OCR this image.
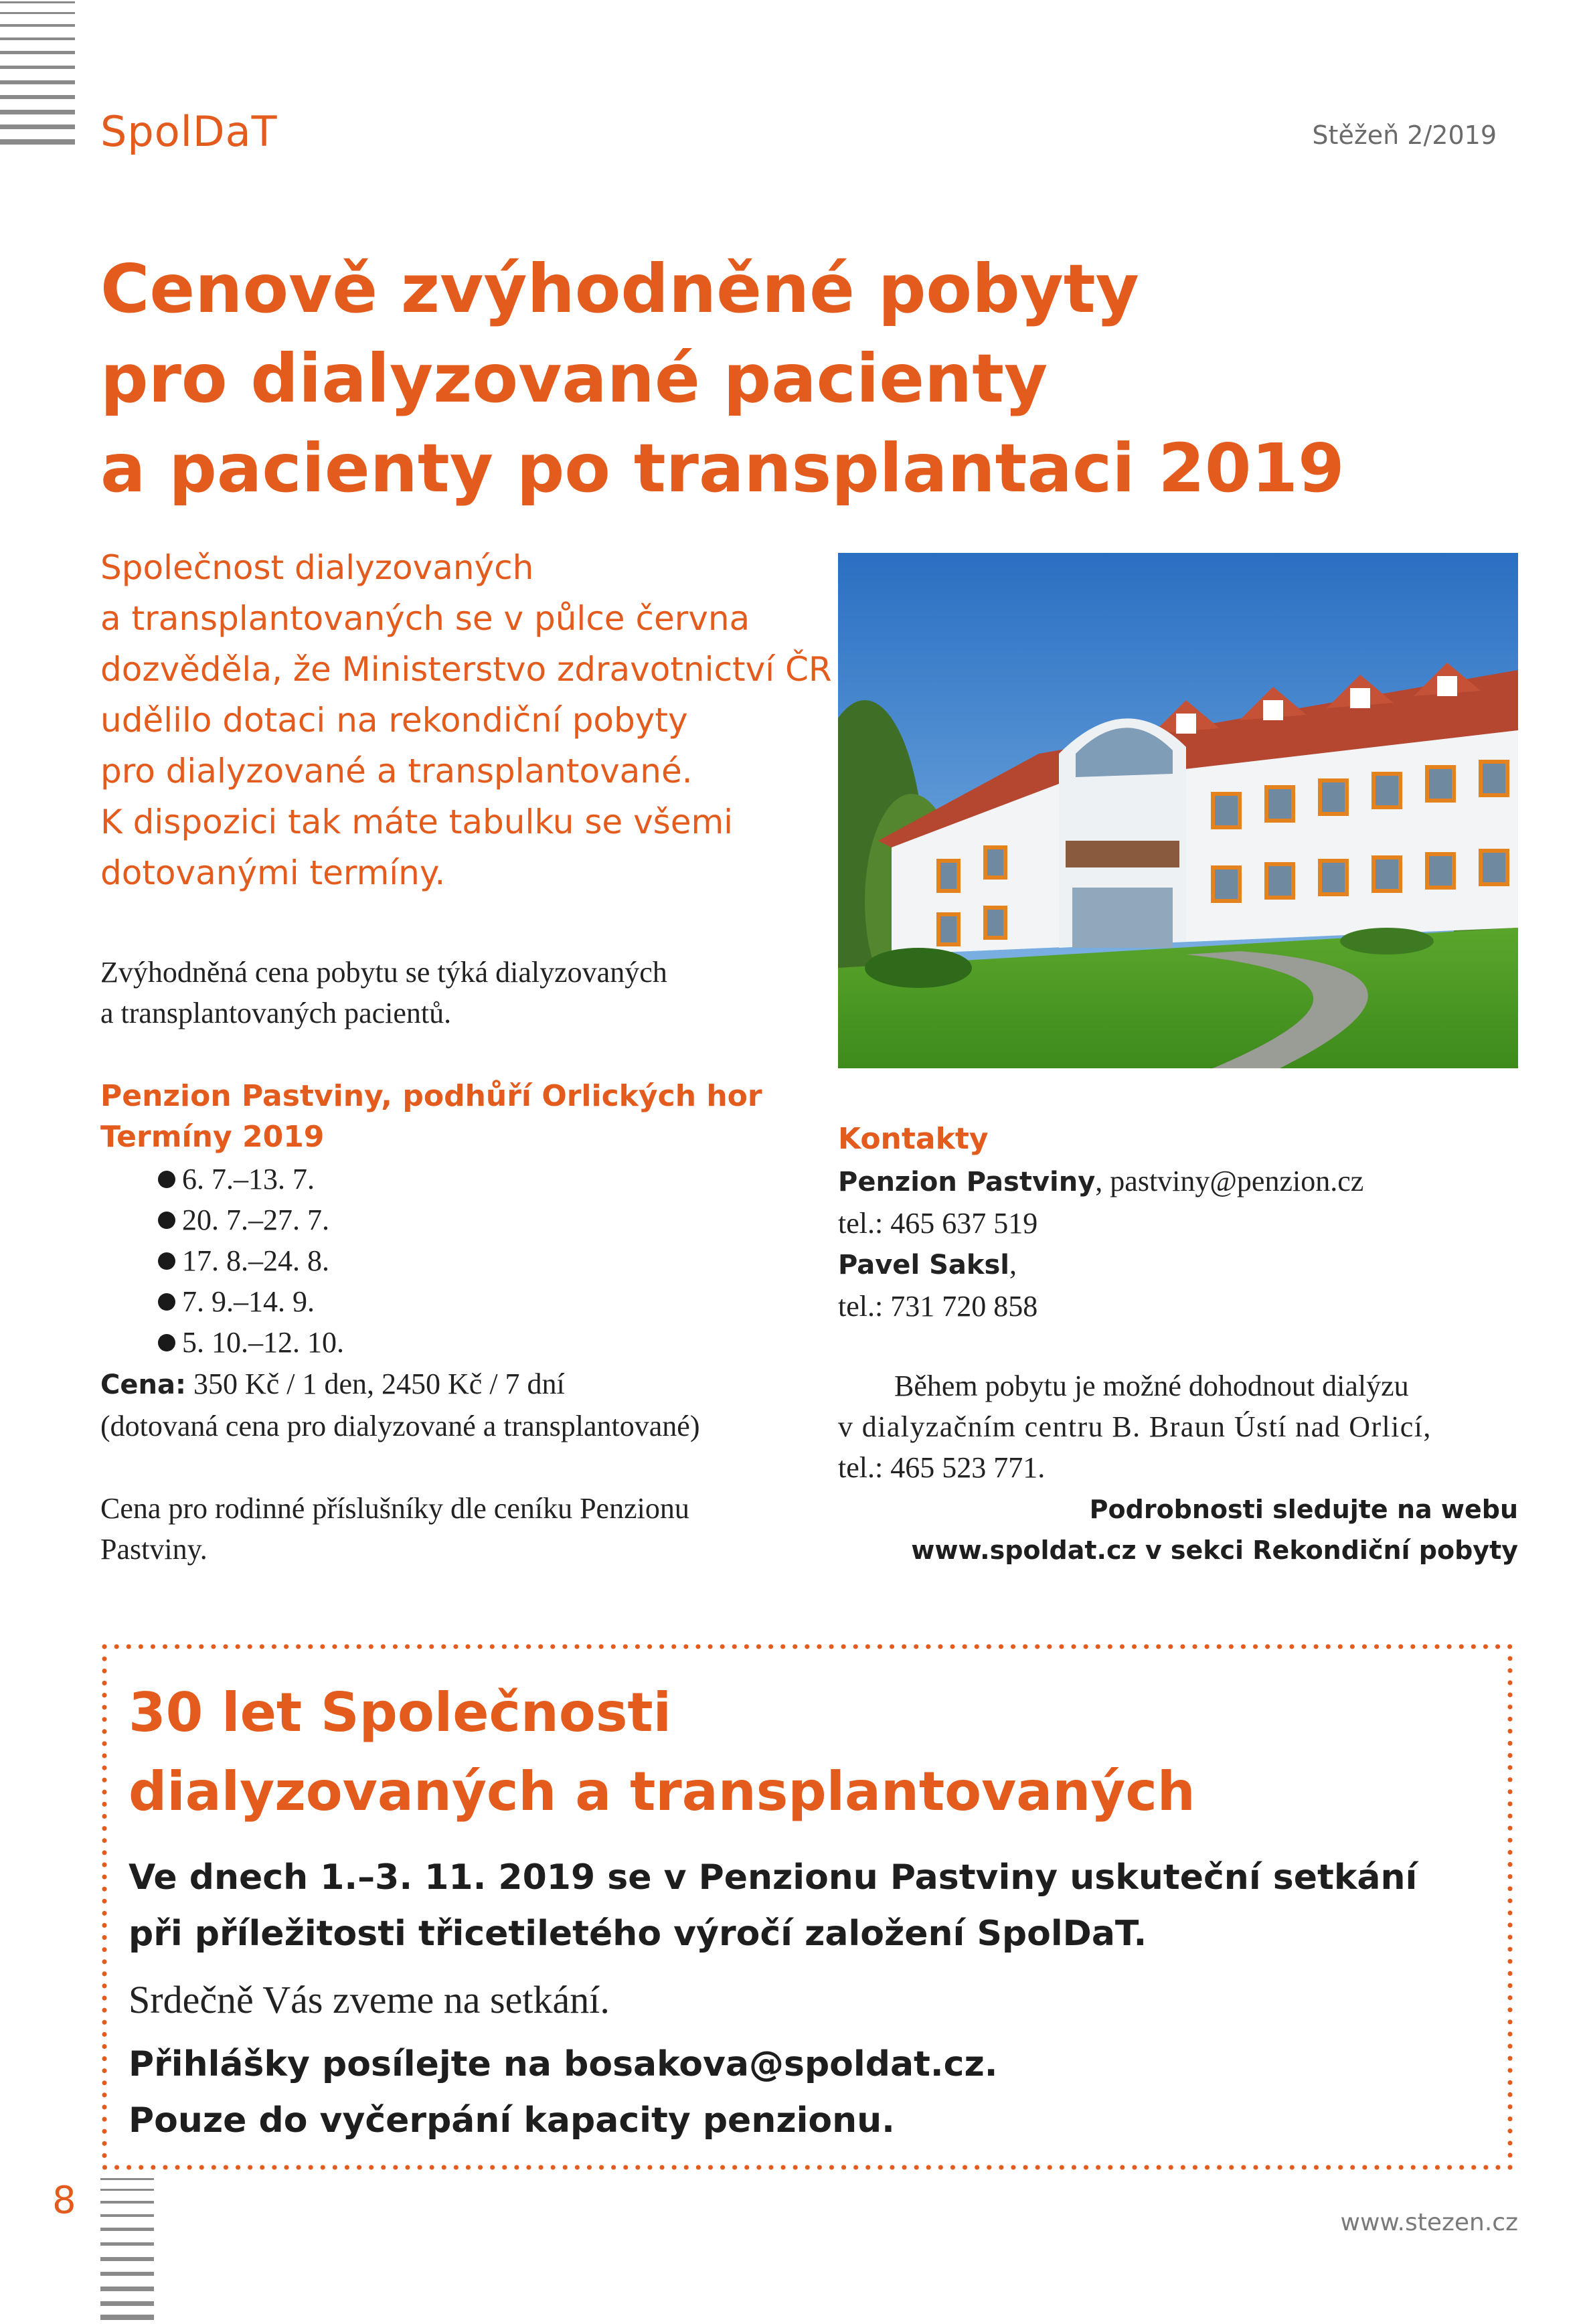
SpolDaT	Stěžeň 2/2019
Cenově zvýhodněné pobyty
pro dialyzované pacienty
a pacienty po transplantaci 2019
Společnost dialyzovaných
a transplantovaných se v půlce června
dozvěděla, že Ministerstvo zdravotnictví ČR
udělilo dotaci na rekondiční pobyty
pro dialyzované a transplantované.
K dispozici tak máte tabulku se všemi
dotovanými termíny.
Zvýhodněná cena pobytu se týká dialyzovaných
a transplantovaných pacientů.
Penzion Pastviny, podhůří Orlických hor
Termíny 2019
6. 7.–13. 7.
20. 7.–27. 7.
17. 8.–24. 8.
7. 9.–14. 9.
5. 10.–12. 10.
Cena: 350 Kč / 1 den, 2450 Kč / 7 dní
(dotovaná cena pro dialyzované a transplantované)
Cena pro rodinné příslušníky dle ceníku Penzionu
Pastviny.
Kontakty
Penzion Pastviny, pastviny@penzion.cz
tel.: 465 637 519
Pavel Saksl,
tel.: 731 720 858
Během pobytu je možné dohodnout dialýzu
v dialyzačním centru B. Braun Ústí nad Orlicí,
tel.: 465 523 771.
Podrobnosti sledujte na webu
www.spoldat.cz v sekci Rekondiční pobyty
30 let Společnosti
dialyzovaných a transplantovaných
Ve dnech 1.–3. 11. 2019 se v Penzionu Pastviny uskuteční setkání
při příležitosti třicetiletého výročí založení SpolDaT.
Srdečně Vás zveme na setkání.
Přihlášky posílejte na bosakova@spoldat.cz.
Pouze do vyčerpání kapacity penzionu.
8
www.stezen.cz
